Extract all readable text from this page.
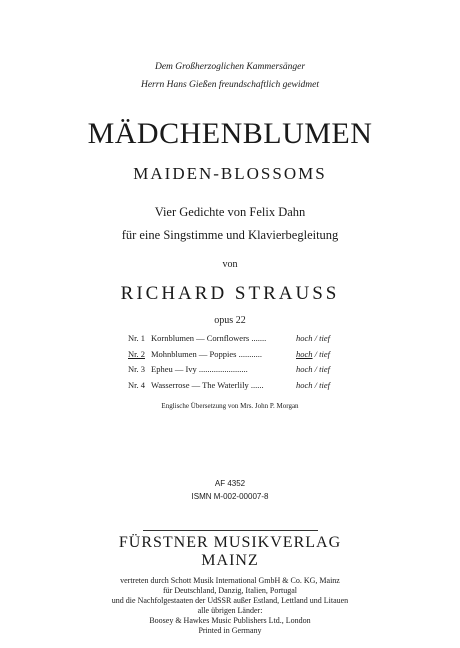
Dem Großherzoglichen Kammersänger
Herrn Hans Gießen freundschaftlich gewidmet
MÄDCHENBLUMEN
MAIDEN-BLOSSOMS
Vier Gedichte von Felix Dahn
für eine Singstimme und Klavierbegleitung
von
RICHARD STRAUSS
opus 22
Nr. 1 Kornblumen — Cornflowers .......	hoch / tief
Nr. 2 Mohnblumen — Poppies ...........	hoch / tief
Nr. 3 Epheu — Ivy .......................	hoch / tief
Nr. 4 Wasserrose — The Waterlily ......	hoch / tief
Englische Übersetzung von Mrs. John P. Morgan
AF 4352
ISMN M-002-00007-8
FÜRSTNER MUSIKVERLAG
MAINZ
vertreten durch Schott Musik International GmbH & Co. KG, Mainz
für Deutschland, Danzig, Italien, Portugal
und die Nachfolgestaaten der UdSSR außer Estland, Lettland und Litauen
alle übrigen Länder:
Boosey & Hawkes Music Publishers Ltd., London
Printed in Germany
